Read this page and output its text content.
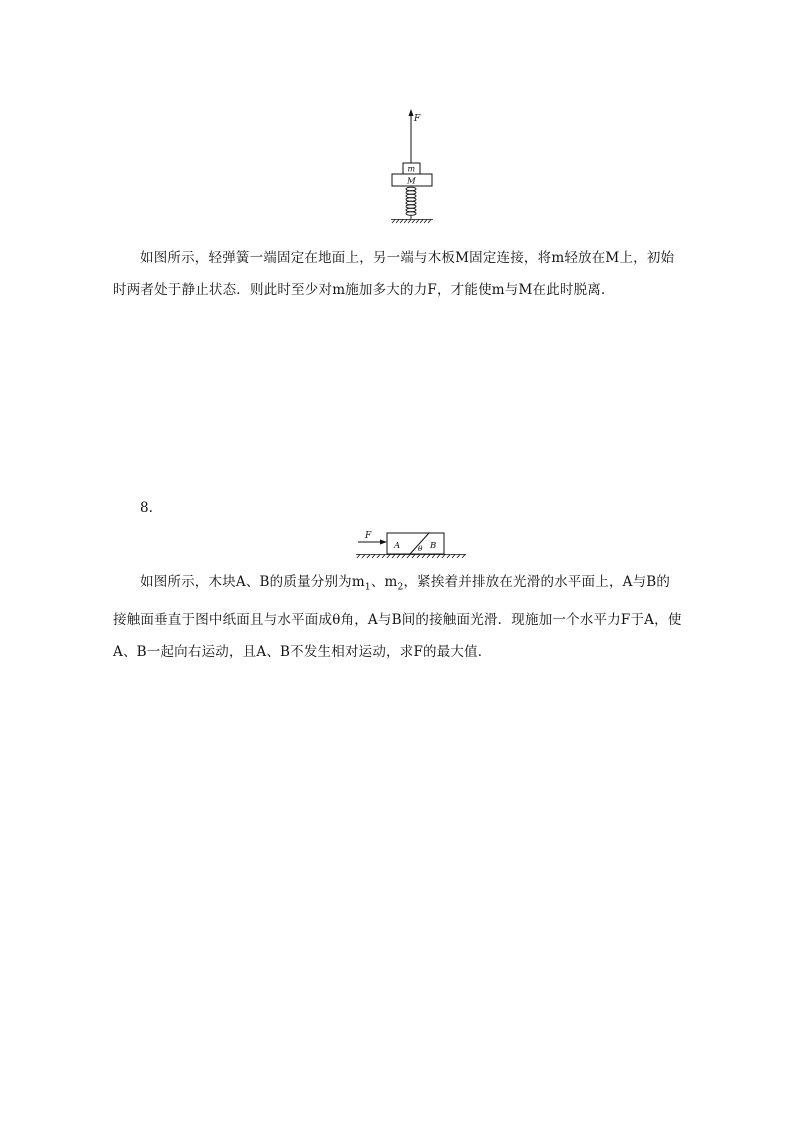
F
m
M

如图所示，轻弹簧一端固定在地面上，另一端与木板M固定连接，将m轻放在M上，初始时两者处于静止状态．则此时至少对m施加多大的力F，才能使m与M在此时脱离．

8.
F
A	B
θ

如图所示，木块A、B的质量分别为$m_1$、$m_2$，紧挨着并排放在光滑的水平面上，A与B的接触面垂直于图中纸面且与水平面成θ角，A与B间的接触面光滑．现施加一个水平力F于A，使A、B一起向右运动，且A、B不发生相对运动，求F的最大值．
